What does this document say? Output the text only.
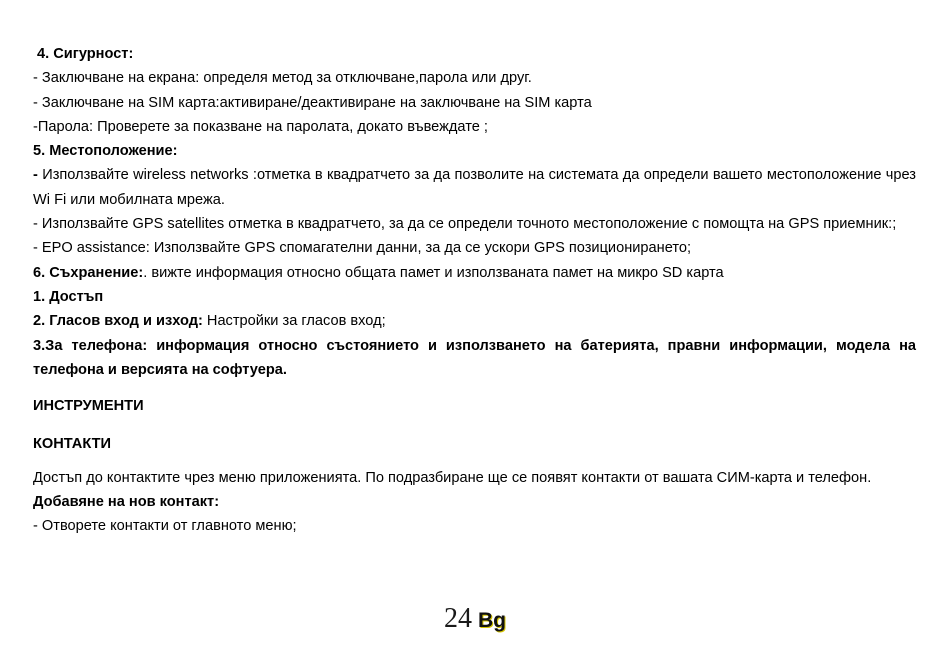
4. Сигурност:

- Заключване на екрана: определя метод за отключване,парола или друг.

- Заключване на SIM карта:активиране/деактивиране на заключване на SIM карта

-Парола: Проверете за показване на паролата, докато въвеждате ;

5. Местоположение:

- Използвайте wireless networks :отметка в квадратчето за да позволите на системата да определи вашето местоположение чрез Wi Fi или мобилната мрежа.

- Използвайте GPS satellites отметка в квадратчето, за да се определи точното местоположение с помощта на GPS приемник:;

- EPO assistance: Използвайте GPS спомагателни данни, за да се ускори GPS позиционирането;

6. Съхранение:. вижте информация относно общата памет и използваната памет на микро SD карта

1. Достъп

2. Гласов вход и изход: Настройки за гласов вход;

3.За телефона: информация относно състоянието и използването на батерията, правни информации, модела на телефона и версията на софтуера.

ИНСТРУМЕНТИ

КОНТАКТИ

Достъп до контактите чрез меню приложенията. По подразбиране ще се появят контакти от вашата СИМ-карта и телефон.

Добавяне на нов контакт:

- Отворете контакти от главното меню;

24 Bg
